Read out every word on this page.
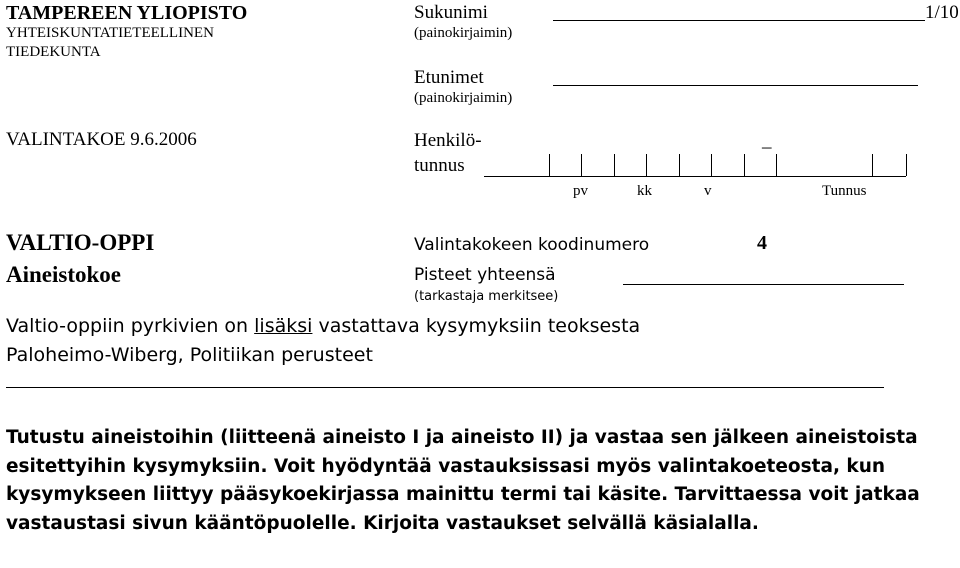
TAMPEREEN YLIOPISTO
YHTEISKUNTATIETEELLINEN
TIEDEKUNTA
VALINTAKOE 9.6.2006
Sukunimi
(painokirjaimin)
1/10
Etunimet
(painokirjaimin)
Henkilö-
tunnus
_
pv	kk	v	Tunnus
VALTIO-OPPI
Aineistokoe
Valintakokeen koodinumero	4
Pisteet yhteensä
(tarkastaja merkitsee)
Valtio-oppiin pyrkivien on lisäksi vastattava kysymyksiin teoksesta
Paloheimo-Wiberg, Politiikan perusteet
Tutustu aineistoihin (liitteenä aineisto I ja aineisto II) ja vastaa sen jälkeen aineistoista esitettyihin kysymyksiin. Voit hyödyntää vastauksissasi myös valintakoeteosta, kun kysymykseen liittyy pääsykoekirjassa mainittu termi tai käsite. Tarvittaessa voit jatkaa vastaustasi sivun kääntöpuolelle. Kirjoita vastaukset selvällä käsialalla.
